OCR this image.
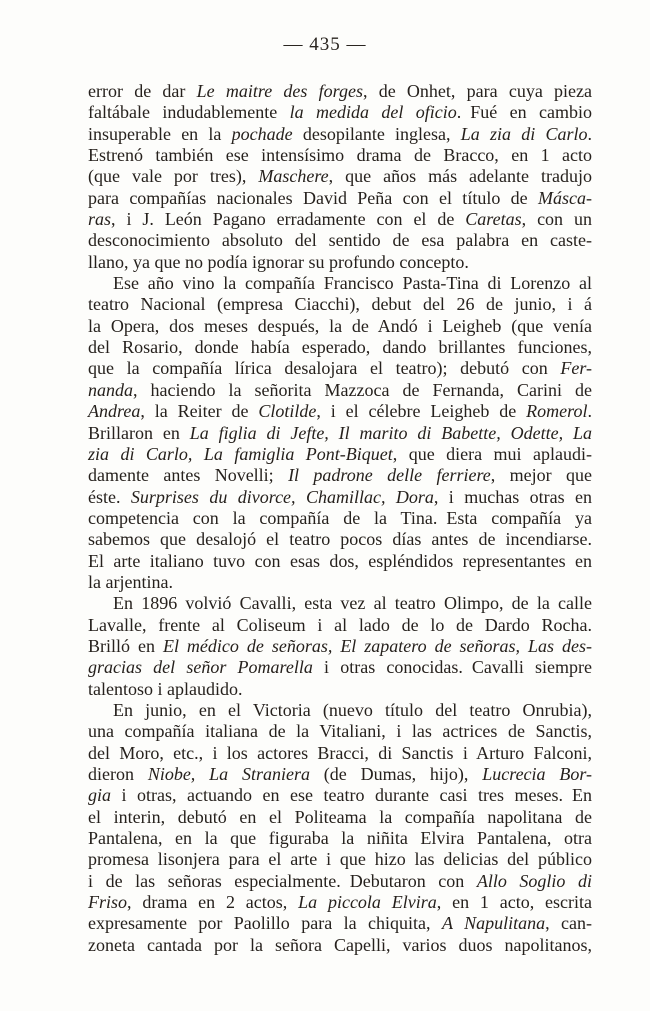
— 435 —
error de dar Le maitre des forges, de Onhet, para cuya pieza
faltábale indudablemente la medida del oficio. Fué en cambio
insuperable en la pochade desopilante inglesa, La zia di Carlo.
Estrenó también ese intensísimo drama de Bracco, en 1 acto
(que vale por tres), Maschere, que años más adelante tradujo
para compañías nacionales David Peña con el título de Másca-
ras, i J. León Pagano erradamente con el de Caretas, con un
desconocimiento absoluto del sentido de esa palabra en caste-
llano, ya que no podía ignorar su profundo concepto.
Ese año vino la compañía Francisco Pasta-Tina di Lorenzo al
teatro Nacional (empresa Ciacchi), debut del 26 de junio, i á
la Opera, dos meses después, la de Andó i Leigheb (que venía
del Rosario, donde había esperado, dando brillantes funciones,
que la compañía lírica desalojara el teatro); debutó con Fer-
nanda, haciendo la señorita Mazzoca de Fernanda, Carini de
Andrea, la Reiter de Clotilde, i el célebre Leigheb de Romerol.
Brillaron en La figlia di Jefte, Il marito di Babette, Odette, La
zia di Carlo, La famiglia Pont-Biquet, que diera mui aplaudi-
damente antes Novelli; Il padrone delle ferriere, mejor que
éste. Surprises du divorce, Chamillac, Dora, i muchas otras en
competencia con la compañía de la Tina. Esta compañía ya
sabemos que desalojó el teatro pocos días antes de incendiarse.
El arte italiano tuvo con esas dos, espléndidos representantes en
la arjentina.
En 1896 volvió Cavalli, esta vez al teatro Olimpo, de la calle
Lavalle, frente al Coliseum i al lado de lo de Dardo Rocha.
Brilló en El médico de señoras, El zapatero de señoras, Las des-
gracias del señor Pomarella i otras conocidas. Cavalli siempre
talentoso i aplaudido.
En junio, en el Victoria (nuevo título del teatro Onrubia),
una compañía italiana de la Vitaliani, i las actrices de Sanctis,
del Moro, etc., i los actores Bracci, di Sanctis i Arturo Falconi,
dieron Niobe, La Straniera (de Dumas, hijo), Lucrecia Bor-
gia i otras, actuando en ese teatro durante casi tres meses. En
el interin, debutó en el Politeama la compañía napolitana de
Pantalena, en la que figuraba la niñita Elvira Pantalena, otra
promesa lisonjera para el arte i que hizo las delicias del público
i de las señoras especialmente. Debutaron con Allo Soglio di
Friso, drama en 2 actos, La piccola Elvira, en 1 acto, escrita
expresamente por Paolillo para la chiquita, A Napulitana, can-
zoneta cantada por la señora Capelli, varios duos napolitanos,
